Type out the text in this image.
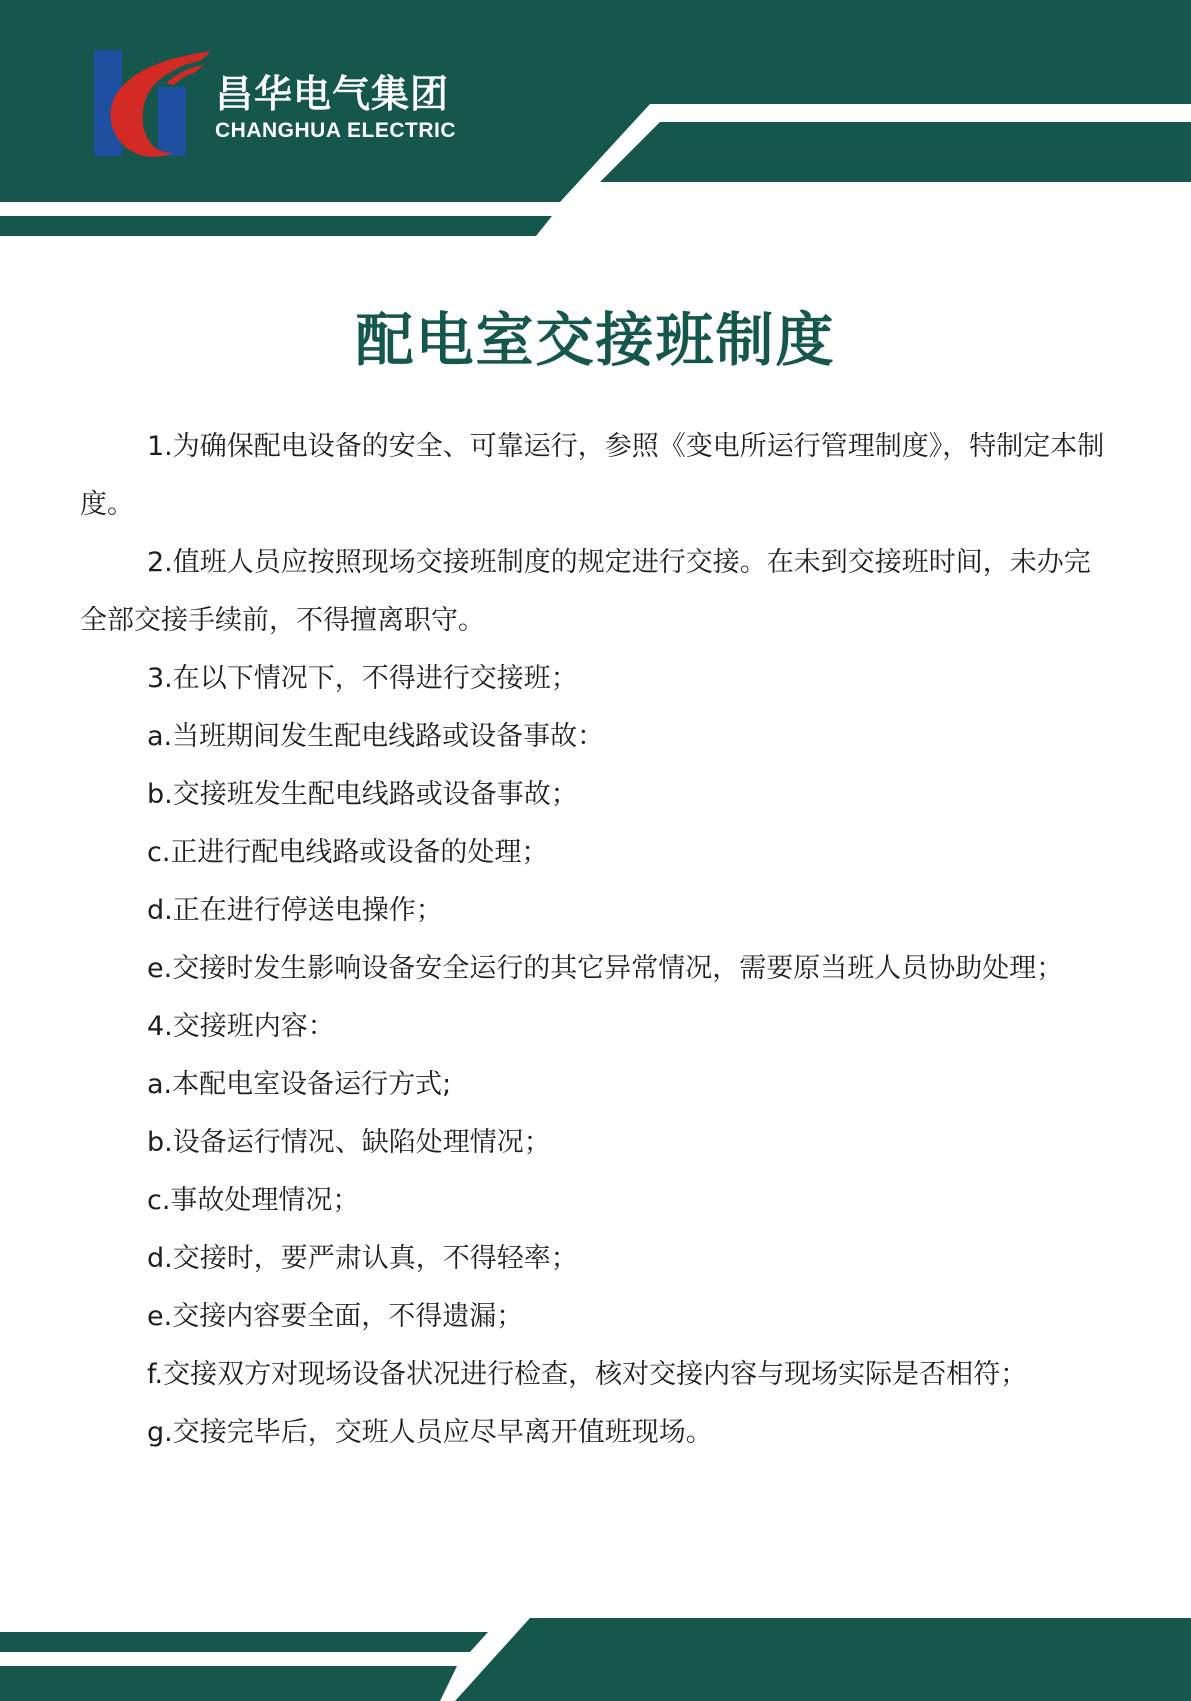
昌华电气集团
CHANGHUA ELECTRIC
配电室交接班制度

1.为确保配电设备的安全、可靠运行，参照《变电所运行管理制度》，特制定本制度。

2.值班人员应按照现场交接班制度的规定进行交接。在未到交接班时间，未办完全部交接手续前，不得擅离职守。

3.在以下情况下，不得进行交接班；

a.当班期间发生配电线路或设备事故：

b.交接班发生配电线路或设备事故；

c.正进行配电线路或设备的处理；

d.正在进行停送电操作；

e.交接时发生影响设备安全运行的其它异常情况，需要原当班人员协助处理；

4.交接班内容：

a.本配电室设备运行方式;

b.设备运行情况、缺陷处理情况；

c.事故处理情况；

d.交接时，要严肃认真，不得轻率；

e.交接内容要全面，不得遗漏；

f.交接双方对现场设备状况进行检查，核对交接内容与现场实际是否相符；

g.交接完毕后，交班人员应尽早离开值班现场。
